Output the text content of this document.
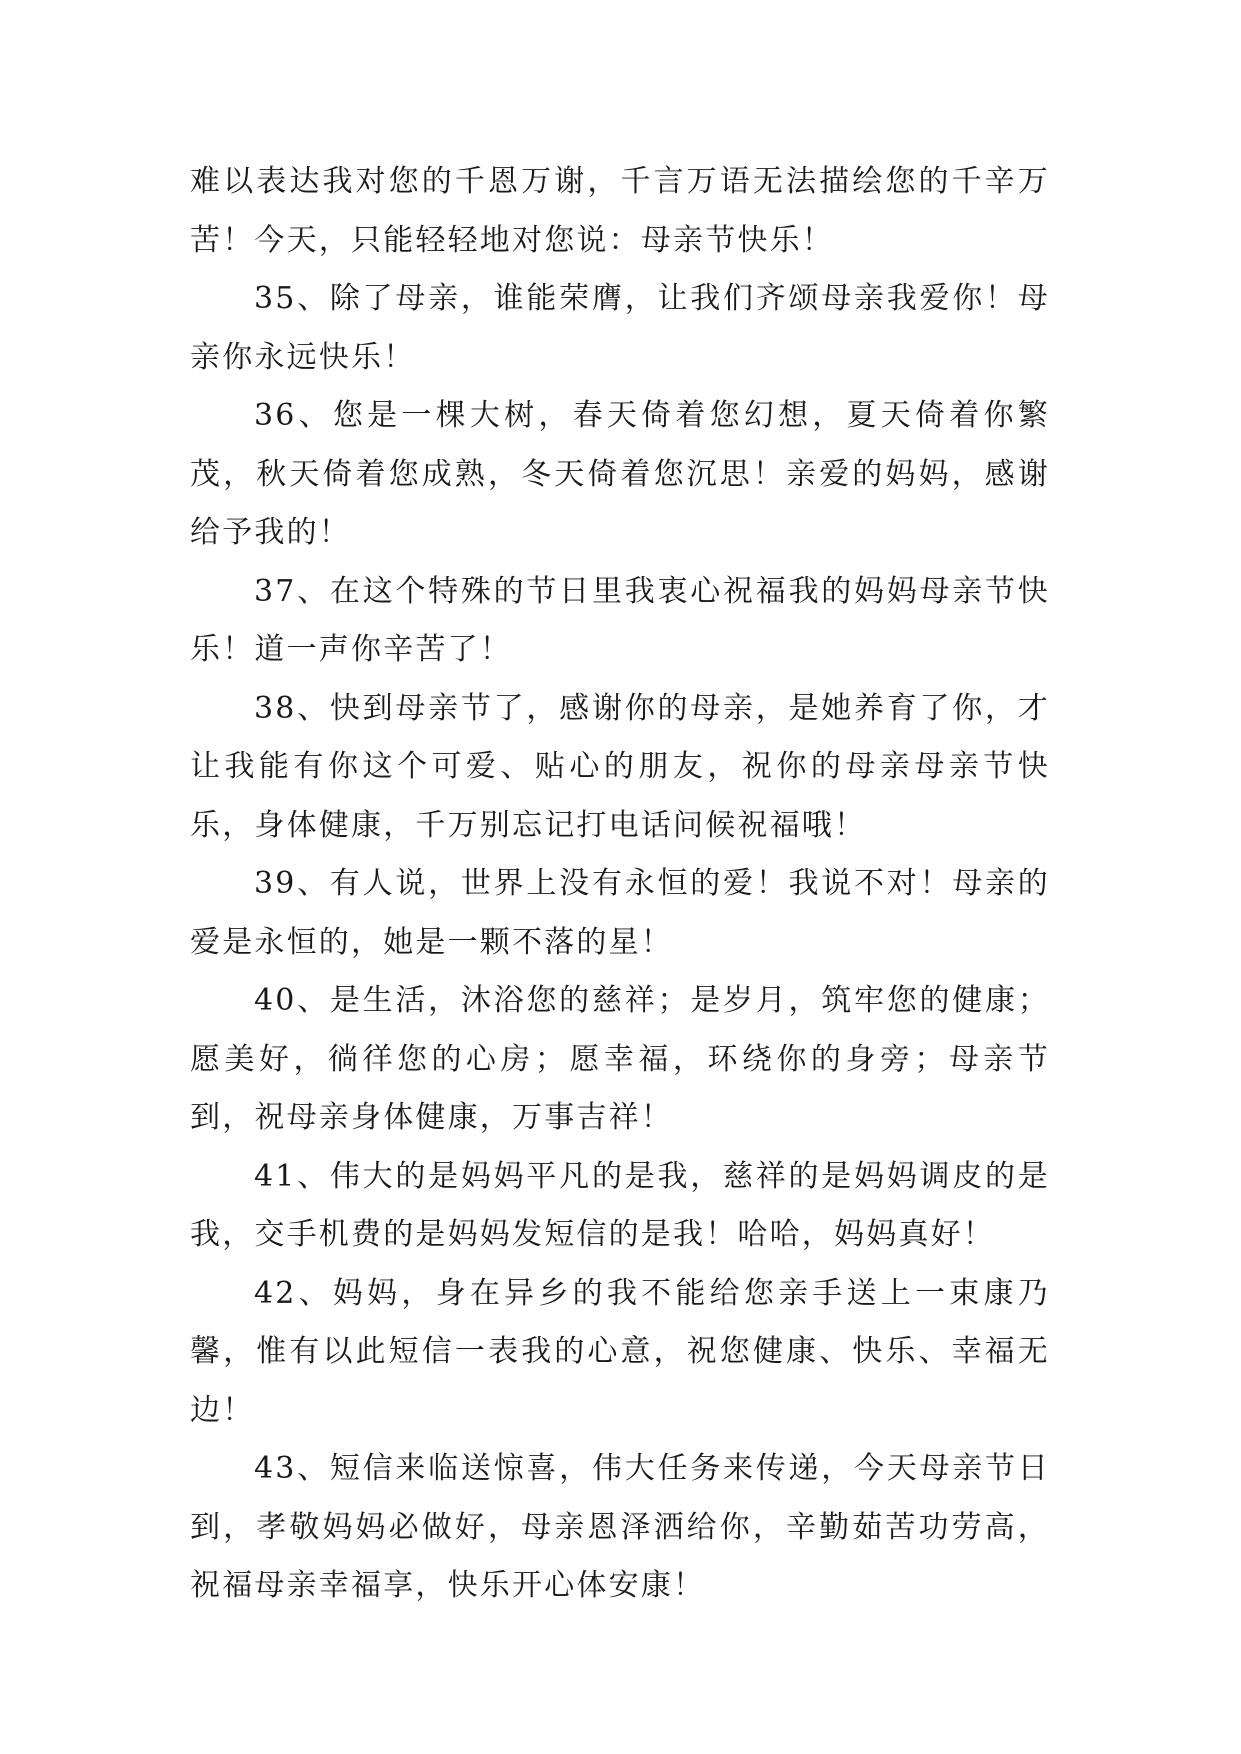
难以表达我对您的千恩万谢，千言万语无法描绘您的千辛万苦！今天，只能轻轻地对您说：母亲节快乐！

35、除了母亲，谁能荣膺，让我们齐颂母亲我爱你！母亲你永远快乐！

36、您是一棵大树，春天倚着您幻想，夏天倚着你繁茂，秋天倚着您成熟，冬天倚着您沉思！亲爱的妈妈，感谢给予我的！

37、在这个特殊的节日里我衷心祝福我的妈妈母亲节快乐！道一声你辛苦了！

38、快到母亲节了，感谢你的母亲，是她养育了你，才让我能有你这个可爱、贴心的朋友，祝你的母亲母亲节快乐，身体健康，千万别忘记打电话问候祝福哦！

39、有人说，世界上没有永恒的爱！我说不对！母亲的爱是永恒的，她是一颗不落的星！

40、是生活，沐浴您的慈祥；是岁月，筑牢您的健康；愿美好，徜徉您的心房；愿幸福，环绕你的身旁；母亲节到，祝母亲身体健康，万事吉祥！

41、伟大的是妈妈平凡的是我，慈祥的是妈妈调皮的是我，交手机费的是妈妈发短信的是我！哈哈，妈妈真好！

42、妈妈，身在异乡的我不能给您亲手送上一束康乃馨，惟有以此短信一表我的心意，祝您健康、快乐、幸福无边！

43、短信来临送惊喜，伟大任务来传递，今天母亲节日到，孝敬妈妈必做好，母亲恩泽洒给你，辛勤茹苦功劳高，祝福母亲幸福享，快乐开心体安康！
